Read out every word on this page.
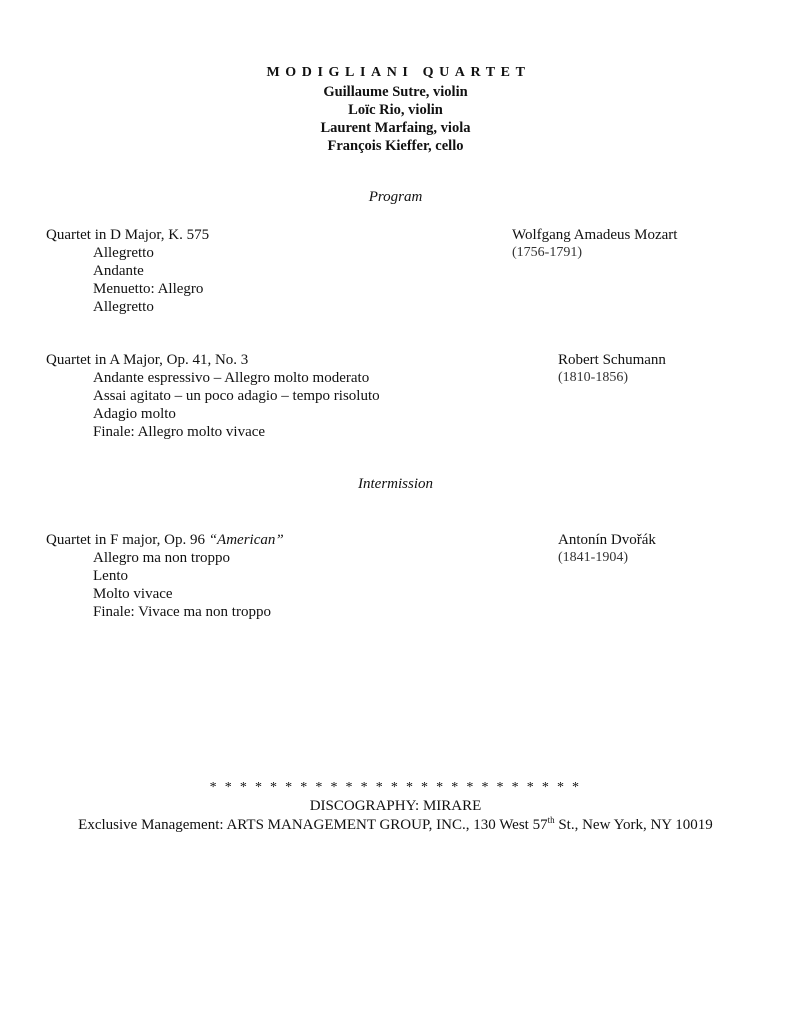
MODIGLIANI QUARTET
Guillaume Sutre, violin
Loïc Rio, violin
Laurent Marfaing, viola
François Kieffer, cello
Program
Quartet in D Major, K. 575	Wolfgang Amadeus Mozart
(1756-1791)
Allegretto
Andante
Menuetto: Allegro
Allegretto
Quartet in A Major, Op. 41, No. 3	Robert Schumann
(1810-1856)
Andante espressivo – Allegro molto moderato
Assai agitato – un poco adagio – tempo risoluto
Adagio molto
Finale: Allegro molto vivace
Intermission
Quartet in F major, Op. 96 “American”	Antonín Dvořák
(1841-1904)
Allegro ma non troppo
Lento
Molto vivace
Finale: Vivace ma non troppo
* * * * * * * * * * * * * * * * * * * * * * * * *
DISCOGRAPHY: MIRARE
Exclusive Management: ARTS MANAGEMENT GROUP, INC., 130 West 57th St., New York, NY 10019
